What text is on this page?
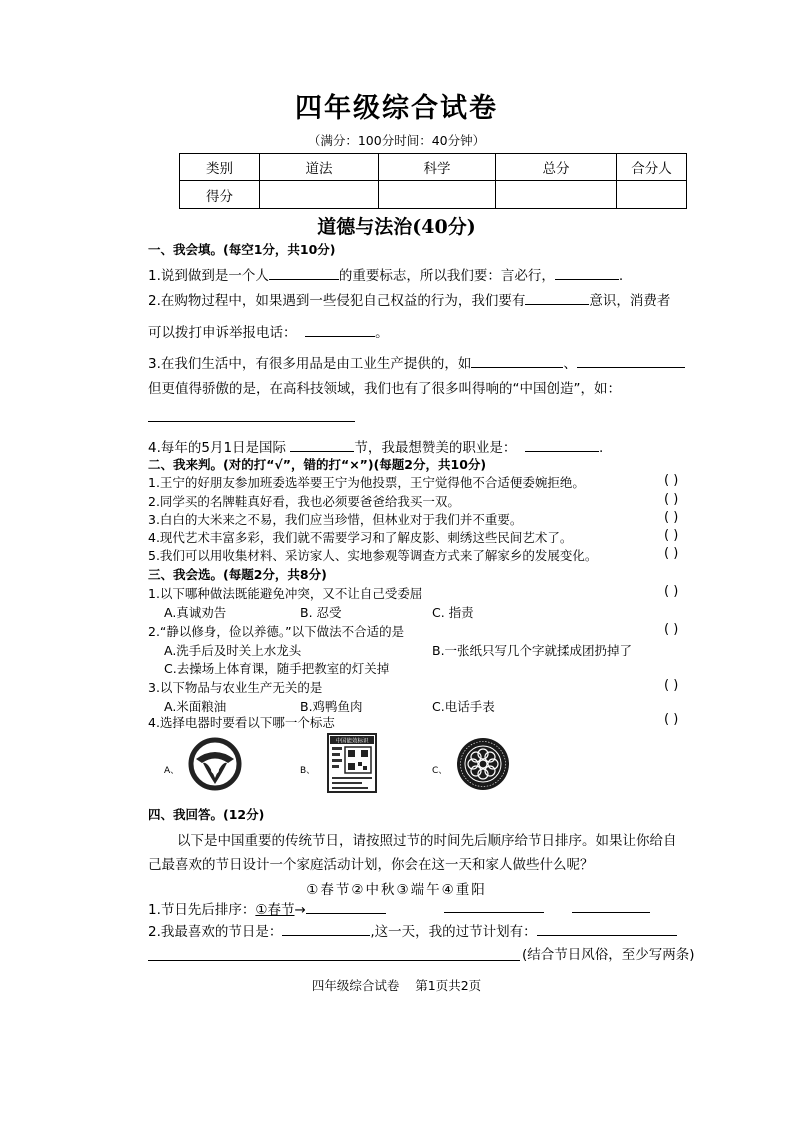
四年级综合试卷
（满分：100分时间：40分钟）
类别	道法	科学	总分	合分人
得分				
道德与法治(40分)
一、我会填。(每空1分，共10分)
1.说到做到是一个人	的重要标志，所以我们要：言必行，	.
2.在购物过程中，如果遇到一些侵犯自己权益的行为，我们要有	意识，消费者
可以拨打申诉举报电话：	。
3.在我们生活中，有很多用品是由工业生产提供的，如	、
但更值得骄傲的是，在高科技领域，我们也有了很多叫得响的“中国创造”，如：
4.每年的5月1日是国际	节，我最想赞美的职业是：	.
二、我来判。(对的打“√”，错的打“×”)(每题2分，共10分)
1.王宁的好朋友参加班委选举要王宁为他投票，王宁觉得他不合适便委婉拒绝。
2.同学买的名牌鞋真好看，我也必须要爸爸给我买一双。
3.白白的大米来之不易，我们应当珍惜，但林业对于我们并不重要。
4.现代艺术丰富多彩，我们就不需要学习和了解皮影、刺绣这些民间艺术了。
5.我们可以用收集材料、采访家人、实地参观等调查方式来了解家乡的发展变化。
( )
( )
( )
( )
( )
三、我会选。(每题2分，共8分)
1.以下哪种做法既能避免冲突，又不让自己受委屈	( )
A.真诚劝告	B. 忍受	C. 指责
2.“静以修身，俭以养德。”以下做法不合适的是	( )
A.洗手后及时关上水龙头	B.一张纸只写几个字就揉成团扔掉了
C.去操场上体育课，随手把教室的灯关掉
3.以下物品与农业生产无关的是	( )
A.米面粮油	B.鸡鸭鱼肉	C.电话手表
4.选择电器时要看以下哪一个标志	( )
A、	B、
中国能效标识
C、
四、我回答。(12分)
以下是中国重要的传统节日，请按照过节的时间先后顺序给节日排序。如果让你给自
己最喜欢的节日设计一个家庭活动计划，你会在这一天和家人做些什么呢？
①春节②中秋③端午④重阳
1.节日先后排序：①春节→
2.我最喜欢的节日是：	,这一天，我的过节计划有：
(结合节日风俗，至少写两条)
四年级综合试卷    第1页共2页
